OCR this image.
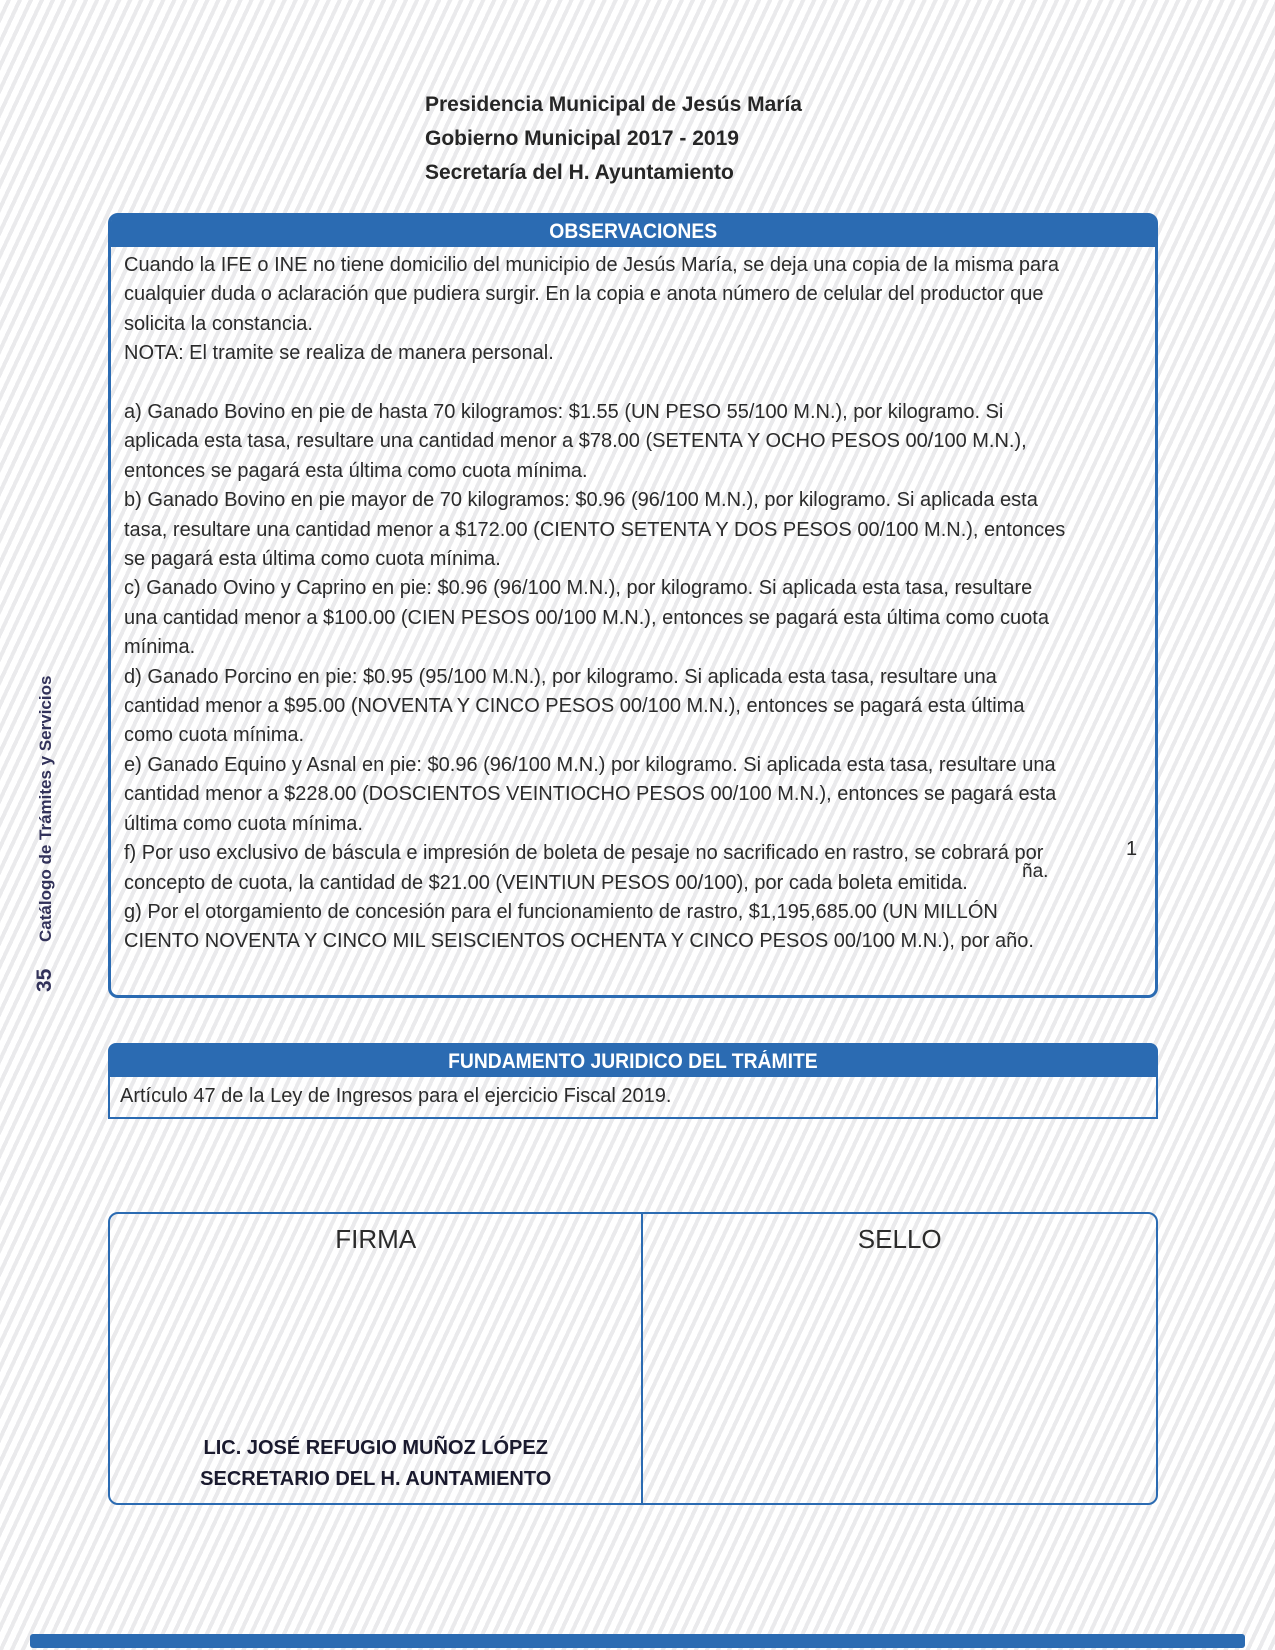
Catálogo de Trámites y Servicios
35
Presidencia Municipal de Jesús María
Gobierno Municipal 2017 - 2019
Secretaría del H. Ayuntamiento
OBSERVACIONES

Cuando la IFE o INE no tiene domicilio del municipio de Jesús María, se deja una copia de la misma para cualquier duda o aclaración que pudiera surgir. En la copia e anota número de celular del productor que solicita la constancia.

NOTA: El tramite se realiza de manera personal.

a) Ganado Bovino en pie de hasta 70 kilogramos: $1.55 (UN PESO 55/100 M.N.), por kilogramo. Si aplicada esta tasa, resultare una cantidad menor a $78.00 (SETENTA Y OCHO PESOS 00/100 M.N.), entonces se pagará esta última como cuota mínima.

b) Ganado Bovino en pie mayor de 70 kilogramos: $0.96 (96/100 M.N.), por kilogramo. Si aplicada esta tasa, resultare una cantidad menor a $172.00 (CIENTO SETENTA Y DOS PESOS 00/100 M.N.), entonces se pagará esta última como cuota mínima.

c) Ganado Ovino y Caprino en pie: $0.96 (96/100 M.N.), por kilogramo. Si aplicada esta tasa, resultare una cantidad menor a $100.00 (CIEN PESOS 00/100 M.N.), entonces se pagará esta última como cuota mínima.

d) Ganado Porcino en pie: $0.95 (95/100 M.N.), por kilogramo. Si aplicada esta tasa, resultare una cantidad menor a $95.00 (NOVENTA Y CINCO PESOS 00/100 M.N.), entonces se pagará esta última como cuota mínima.

e) Ganado Equino y Asnal en pie: $0.96 (96/100 M.N.) por kilogramo. Si aplicada esta tasa, resultare una cantidad menor a $228.00 (DOSCIENTOS VEINTIOCHO PESOS 00/100 M.N.), entonces se pagará esta última como cuota mínima.

f) Por uso exclusivo de báscula e impresión de boleta de pesaje no sacrificado en rastro, se cobrará por concepto de cuota, la cantidad de $21.00 (VEINTIUN PESOS 00/100), por cada boleta emitida.

g) Por el otorgamiento de concesión para el funcionamiento de rastro, $1,195,685.00 (UN MILLÓN CIENTO NOVENTA Y CINCO MIL SEISCIENTOS OCHENTA Y CINCO PESOS 00/100 M.N.), por año.

ña.
1
FUNDAMENTO JURIDICO DEL TRÁMITE
Artículo 47 de la Ley de Ingresos para el ejercicio Fiscal 2019.
FIRMA
LIC. JOSÉ REFUGIO MUÑOZ LÓPEZ
SECRETARIO DEL H. AUNTAMIENTO
SELLO
